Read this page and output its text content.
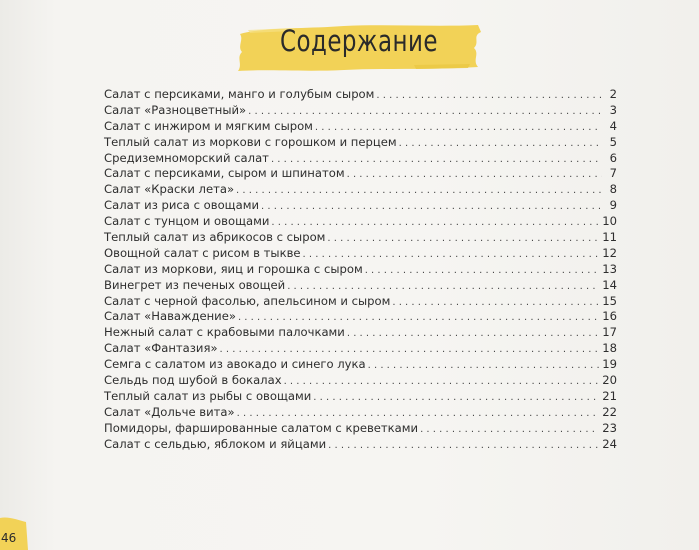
Содержание
Салат с персиками, манго и голубым сыром . . .	2
Салат «Разноцветный» . . .	3
Салат с инжиром и мягким сыром . . .	4
Теплый салат из моркови с горошком и перцем . . .	5
Средиземноморский салат . . .	6
Салат с персиками, сыром и шпинатом . . .	7
Салат «Краски лета» . . .	8
Салат из риса с овощами . . .	9
Салат с тунцом и овощами . . .	10
Теплый салат из абрикосов с сыром . . .	11
Овощной салат с рисом в тыкве . . .	12
Салат из моркови, яиц и горошка с сыром . . .	13
Винегрет из печеных овощей . . .	14
Салат с черной фасолью, апельсином и сыром . . .	15
Салат «Наваждение» . . .	16
Нежный салат с крабовыми палочками . . .	17
Салат «Фантазия» . . .	18
Семга с салатом из авокадо и синего лука . . .	19
Сельдь под шубой в бокалах . . .	20
Теплый салат из рыбы с овощами . . .	21
Салат «Дольче вита» . . .	22
Помидоры, фаршированные салатом с креветками . . .	23
Салат с сельдью, яблоком и яйцами . . .	24
46
